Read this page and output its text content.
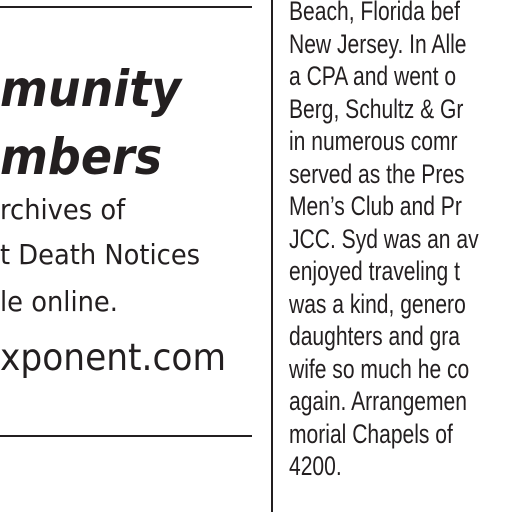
munity
mbers
rchives of
t Death Notices
le online.
xponent.com
Beach, Florida bef
New Jersey. In Alle
a CPA and went o
Berg, Schultz & Gr
in numerous comr
served as the Pres
Men’s Club and Pr
JCC. Syd was an av
enjoyed traveling t
was a kind, genero
daughters and gra
wife so much he co
again. Arrangemen
morial Chapels of
4200.
